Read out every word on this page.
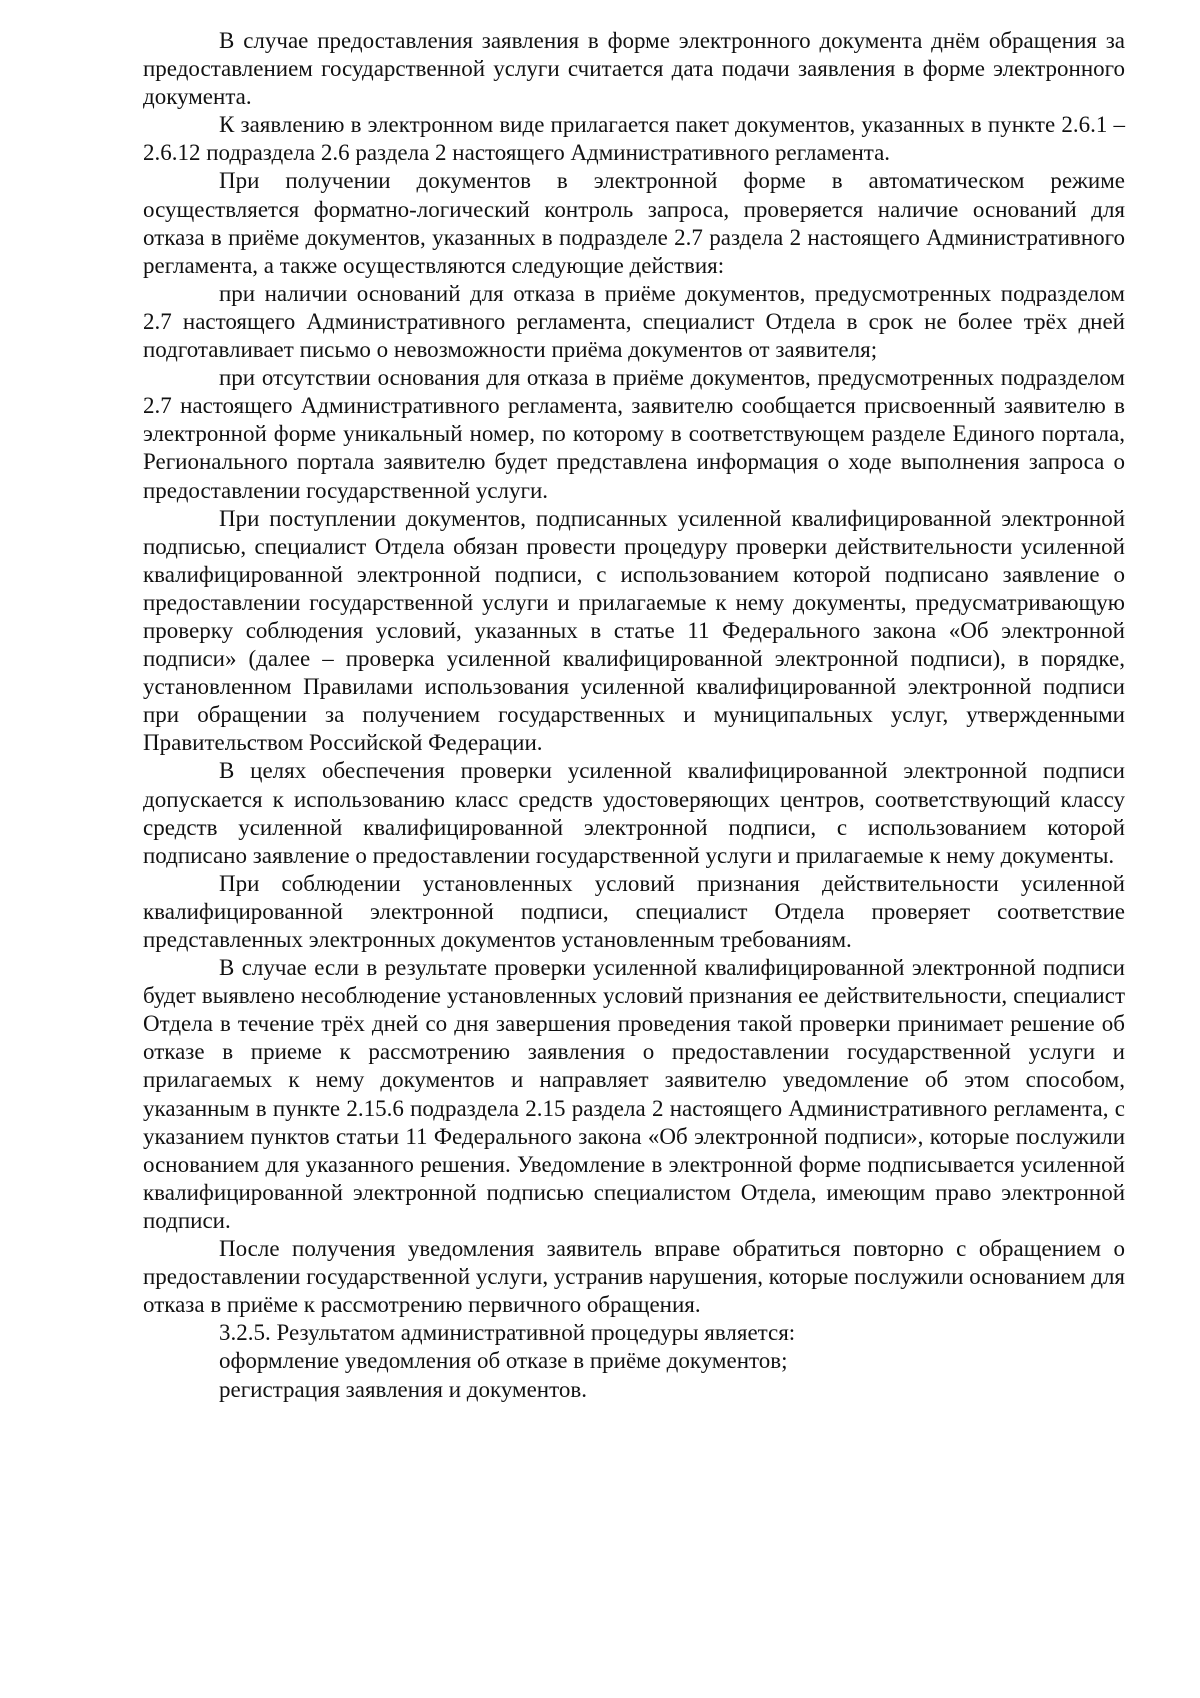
В случае предоставления заявления в форме электронного документа днём обращения за предоставлением государственной услуги считается дата подачи заявления в форме электронного документа.

К заявлению в электронном виде прилагается пакет документов, указанных в пункте 2.6.1 – 2.6.12 подраздела 2.6 раздела 2 настоящего Административного регламента.

При получении документов в электронной форме в автоматическом режиме осуществляется форматно-логический контроль запроса, проверяется наличие оснований для отказа в приёме документов, указанных в подразделе 2.7 раздела 2 настоящего Административного регламента, а также осуществляются следующие действия:

при наличии оснований для отказа в приёме документов, предусмотренных подразделом 2.7 настоящего Административного регламента, специалист Отдела в срок не более трёх дней подготавливает письмо о невозможности приёма документов от заявителя;

при отсутствии основания для отказа в приёме документов, предусмотренных подразделом 2.7 настоящего Административного регламента, заявителю сообщается присвоенный заявителю в электронной форме уникальный номер, по которому в соответствующем разделе Единого портала, Регионального портала заявителю будет представлена информация о ходе выполнения запроса о предоставлении государственной услуги.

При поступлении документов, подписанных усиленной квалифицированной электронной подписью, специалист Отдела обязан провести процедуру проверки действительности усиленной квалифицированной электронной подписи, с использованием которой подписано заявление о предоставлении государственной услуги и прилагаемые к нему документы, предусматривающую проверку соблюдения условий, указанных в статье 11 Федерального закона «Об электронной подписи» (далее – проверка усиленной квалифицированной электронной подписи), в порядке, установленном Правилами использования усиленной квалифицированной электронной подписи при обращении за получением государственных и муниципальных услуг, утвержденными Правительством Российской Федерации.

В целях обеспечения проверки усиленной квалифицированной электронной подписи допускается к использованию класс средств удостоверяющих центров, соответствующий классу средств усиленной квалифицированной электронной подписи, с использованием которой подписано заявление о предоставлении государственной услуги и прилагаемые к нему документы.

При соблюдении установленных условий признания действительности усиленной квалифицированной электронной подписи, специалист Отдела проверяет соответствие представленных электронных документов установленным требованиям.

В случае если в результате проверки усиленной квалифицированной электронной подписи будет выявлено несоблюдение установленных условий признания ее действительности, специалист Отдела в течение трёх дней со дня завершения проведения такой проверки принимает решение об отказе в приеме к рассмотрению заявления о предоставлении государственной услуги и прилагаемых к нему документов и направляет заявителю уведомление об этом способом, указанным в пункте 2.15.6 подраздела 2.15 раздела 2 настоящего Административного регламента, с указанием пунктов статьи 11 Федерального закона «Об электронной подписи», которые послужили основанием для указанного решения. Уведомление в электронной форме подписывается усиленной квалифицированной электронной подписью специалистом Отдела, имеющим право электронной подписи.

После получения уведомления заявитель вправе обратиться повторно с обращением о предоставлении государственной услуги, устранив нарушения, которые послужили основанием для отказа в приёме к рассмотрению первичного обращения.

3.2.5. Результатом административной процедуры является:

оформление уведомления об отказе в приёме документов;

регистрация заявления и документов.
